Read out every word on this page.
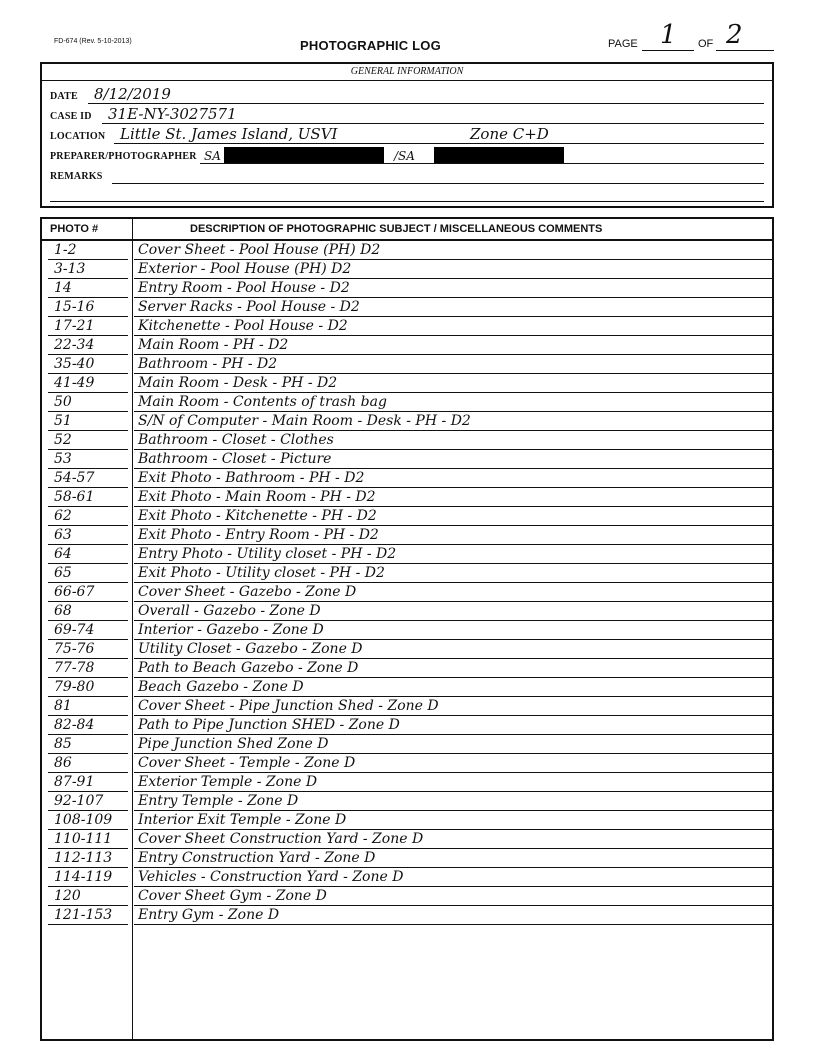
FD-674 (Rev. 5-10-2013)	PHOTOGRAPHIC LOG	PAGE 1 OF 2
GENERAL INFORMATION
DATE 8/12/2019
CASE ID 31E-NY-3027571
LOCATION Little St. James Island, USVI	Zone C+D
PREPARER/PHOTOGRAPHER SA	/SA
REMARKS
PHOTO #	DESCRIPTION OF PHOTOGRAPHIC SUBJECT / MISCELLANEOUS COMMENTS
1-2	Cover Sheet - Pool House (PH) D2
3-13	Exterior - Pool House (PH) D2
14	Entry Room - Pool House - D2
15-16	Server Racks - Pool House - D2
17-21	Kitchenette - Pool House - D2
22-34	Main Room - PH - D2
35-40	Bathroom - PH - D2
41-49	Main Room - Desk - PH - D2
50	Main Room - Contents of trash bag
51	S/N of Computer - Main Room - Desk - PH - D2
52	Bathroom - Closet - Clothes
53	Bathroom - Closet - Picture
54-57	Exit Photo - Bathroom - PH - D2
58-61	Exit Photo - Main Room - PH - D2
62	Exit Photo - Kitchenette - PH - D2
63	Exit Photo - Entry Room - PH - D2
64	Entry Photo - Utility closet - PH - D2
65	Exit Photo - Utility closet - PH - D2
66-67	Cover Sheet - Gazebo - Zone D
68	Overall - Gazebo - Zone D
69-74	Interior - Gazebo - Zone D
75-76	Utility Closet - Gazebo - Zone D
77-78	Path to Beach Gazebo - Zone D
79-80	Beach Gazebo - Zone D
81	Cover Sheet - Pipe Junction Shed - Zone D
82-84	Path to Pipe Junction SHED - Zone D
85	Pipe Junction Shed Zone D
86	Cover Sheet - Temple - Zone D
87-91	Exterior Temple - Zone D
92-107 Entry Temple - Zone D
108-109 Interior Exit Temple - Zone D
110-111 Cover Sheet Construction Yard - Zone D
112-113 Entry Construction Yard - Zone D
114-119 Vehicles - Construction Yard - Zone D
120	Cover Sheet Gym - Zone D
121-153 Entry Gym - Zone D
